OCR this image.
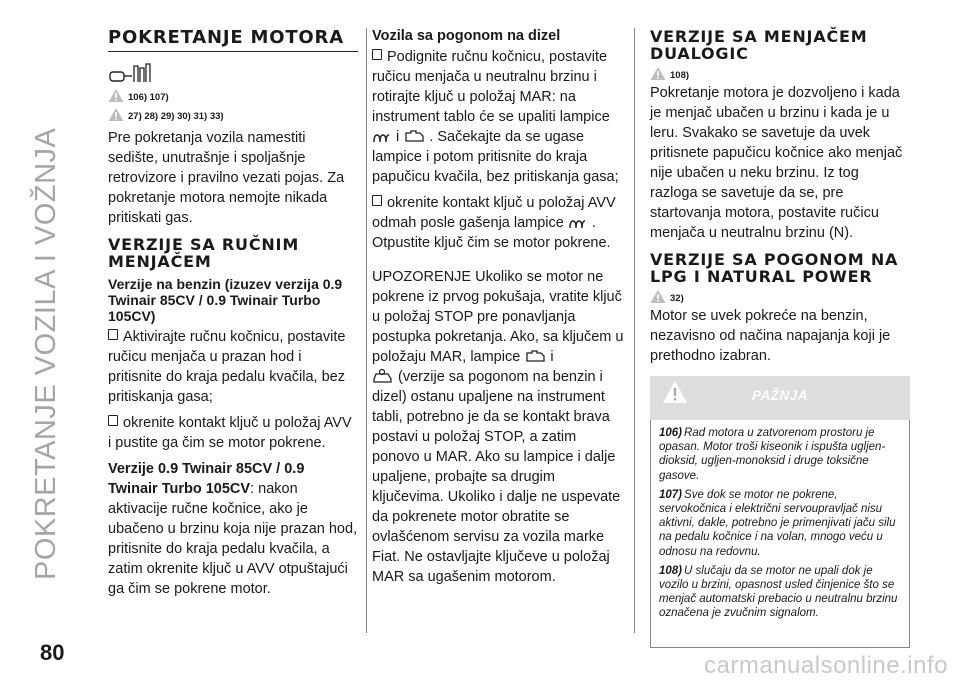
POKRETANJE VOZILA I VOŽNJA
80	carmanualsonline.info
POKRETANJE MOTORA
106) 107)
27) 28) 29) 30) 31) 33)

Pre pokretanja vozila namestiti sedište, unutrašnje i spoljašnje retrovizore i pravilno vezati pojas. Za pokretanje motora nemojte nikada pritiskati gas.

VERZIJE SA RUČNIM MENJAČEM
Verzije na benzin (izuzev verzija 0.9 Twinair 85CV / 0.9 Twinair Turbo 105CV)

Aktivirajte ručnu kočnicu, postavite ručicu menjača u prazan hod i pritisnite do kraja pedalu kvačila, bez pritiskanja gasa;

okrenite kontakt ključ u položaj AVV i pustite ga čim se motor pokrene.

Verzije 0.9 Twinair 85CV / 0.9 Twinair Turbo 105CV: nakon aktivacije ručne kočnice, ako je ubačeno u brzinu koja nije prazan hod, pritisnite do kraja pedalu kvačila, a zatim okrenite ključ u AVV otpuštajući ga čim se pokrene motor.

Vozila sa pogonom na dizel

Podignite ručnu kočnicu, postavite ručicu menjača u neutralnu brzinu i rotirajte ključ u položaj MAR: na instrument tablo će se upaliti lampice  i . Sačekajte da se ugase lampice i potom pritisnite do kraja papučicu kvačila, bez pritiskanja gasa;

okrenite kontakt ključ u položaj AVV odmah posle gašenja lampice . Otpustite ključ čim se motor pokrene.

UPOZORENJE Ukoliko se motor ne pokrene iz prvog pokušaja, vratite ključ u položaj STOP pre ponavljanja postupka pokretanja. Ako, sa ključem u položaju MAR, lampice i
(verzije sa pogonom na benzin i dizel) ostanu upaljene na instrument tabli, potrebno je da se kontakt brava postavi u položaj STOP, a zatim ponovo u MAR. Ako su lampice i dalje upaljene, probajte sa drugim ključevima. Ukoliko i dalje ne uspevate da pokrenete motor obratite se ovlašćenom servisu za vozila marke Fiat. Ne ostavljajte ključeve u položaj MAR sa ugašenim motorom.

VERZIJE SA MENJAČEM DUALOGIC
108)

Pokretanje motora je dozvoljeno i kada je menjač ubačen u brzinu i kada je u leru. Svakako se savetuje da uvek pritisnete papučicu kočnice ako menjač nije ubačen u neku brzinu. Iz tog razloga se savetuje da se, pre startovanja motora, postavite ručicu menjača u neutralnu brzinu (N).

VERZIJE SA POGONOM NA LPG I NATURAL POWER
32)

Motor se uvek pokreće na benzin, nezavisno od načina napajanja koji je prethodno izabran.

PAŽNJA

106) Rad motora u zatvorenom prostoru je opasan. Motor troši kiseonik i ispušta ugljen-dioksid, ugljen-monoksid i druge toksične gasove.

107) Sve dok se motor ne pokrene, servokočnica i električni servoupravljač nisu aktivni, dakle, potrebno je primenjivati jaču silu na pedalu kočnice i na volan, mnogo veću u odnosu na redovnu.

108) U slučaju da se motor ne upali dok je vozilo u brzini, opasnost usled činjenice što se menjač automatski prebacio u neutralnu brzinu označena je zvučnim signalom.
